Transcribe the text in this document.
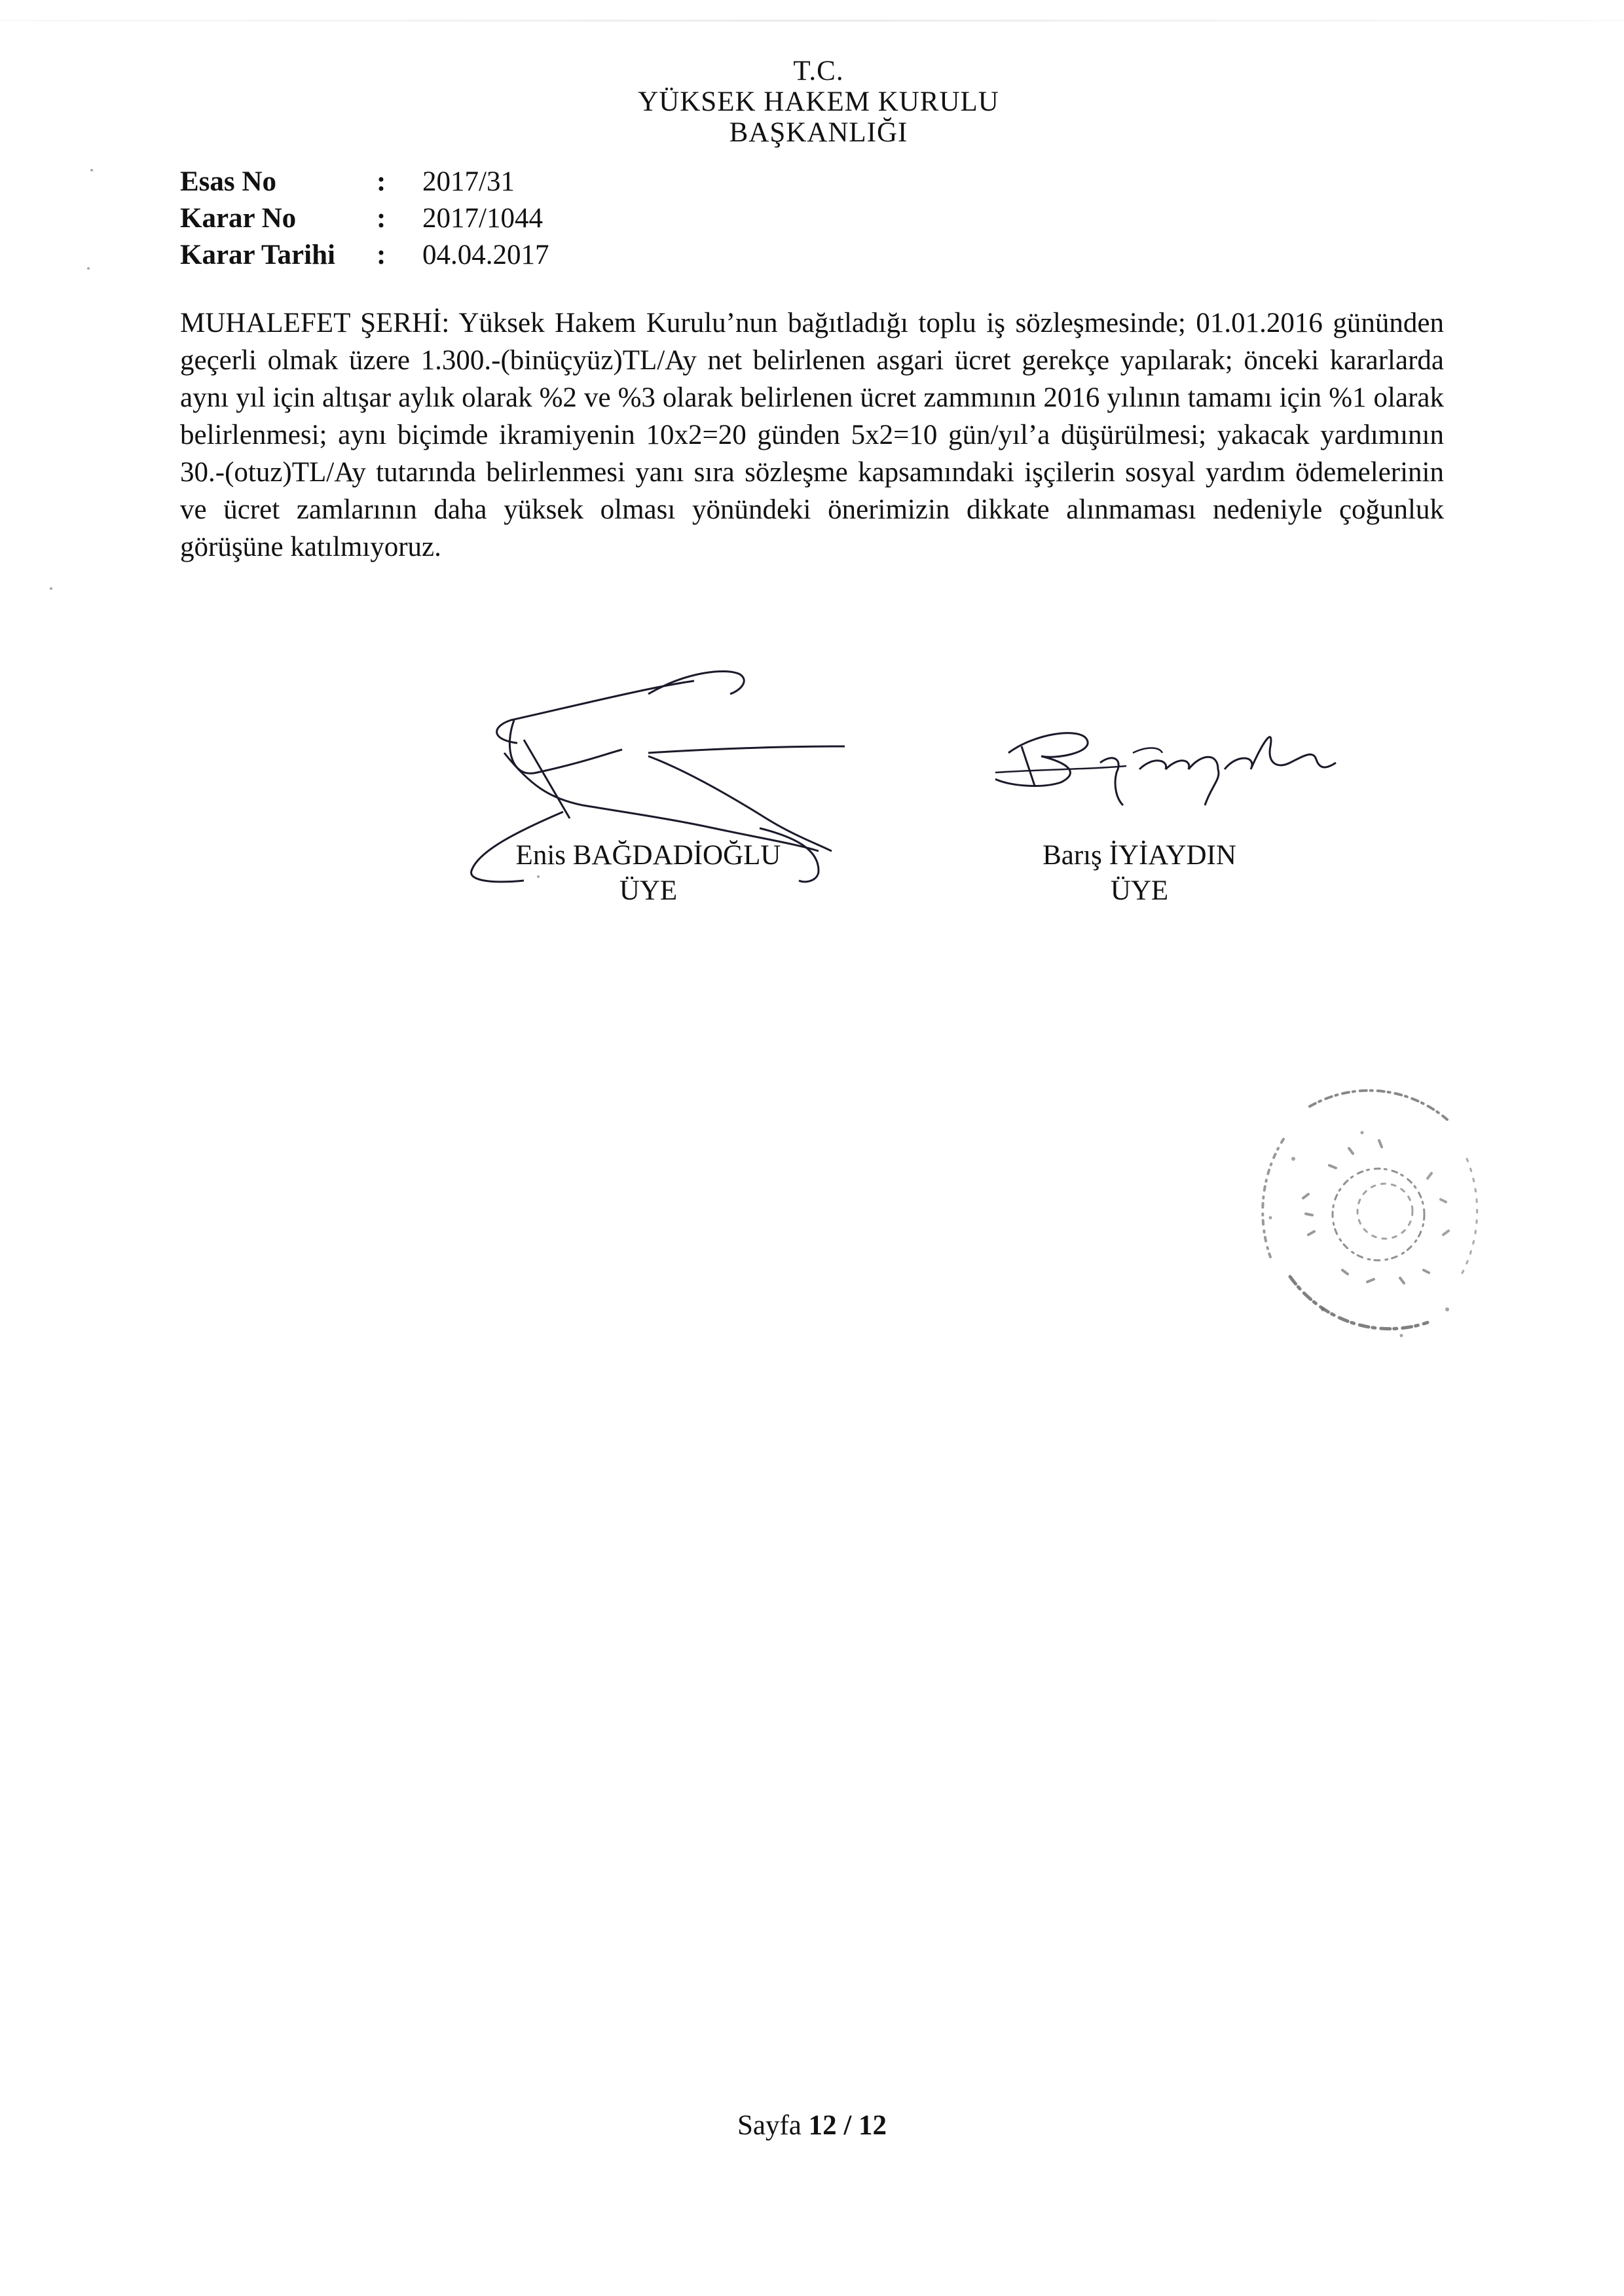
T.C.
YÜKSEK HAKEM KURULU
BAŞKANLIĞI
Esas No	:	2017/31
Karar No	:	2017/1044
Karar Tarihi	:	04.04.2017
MUHALEFET ŞERHİ: Yüksek Hakem Kurulu’nun bağıtladığı toplu iş sözleşmesinde; 01.01.2016 gününden geçerli olmak üzere 1.300.-(binüçyüz)TL/Ay net belirlenen asgari ücret gerekçe yapılarak; önceki kararlarda aynı yıl için altışar aylık olarak %2 ve %3 olarak belirlenen ücret zammının 2016 yılının tamamı için %1 olarak belirlenmesi; aynı biçimde ikramiyenin 10x2=20 günden 5x2=10 gün/yıl’a düşürülmesi; yakacak yardımının 30.-(otuz)TL/Ay tutarında belirlenmesi yanı sıra sözleşme kapsamındaki işçilerin sosyal yardım ödemelerinin ve ücret zamlarının daha yüksek olması yönündeki önerimizin dikkate alınmaması nedeniyle çoğunluk görüşüne katılmıyoruz.
Enis BAĞDADİOĞLU
ÜYE
Barış İYİAYDIN
ÜYE
Sayfa 12 / 12
